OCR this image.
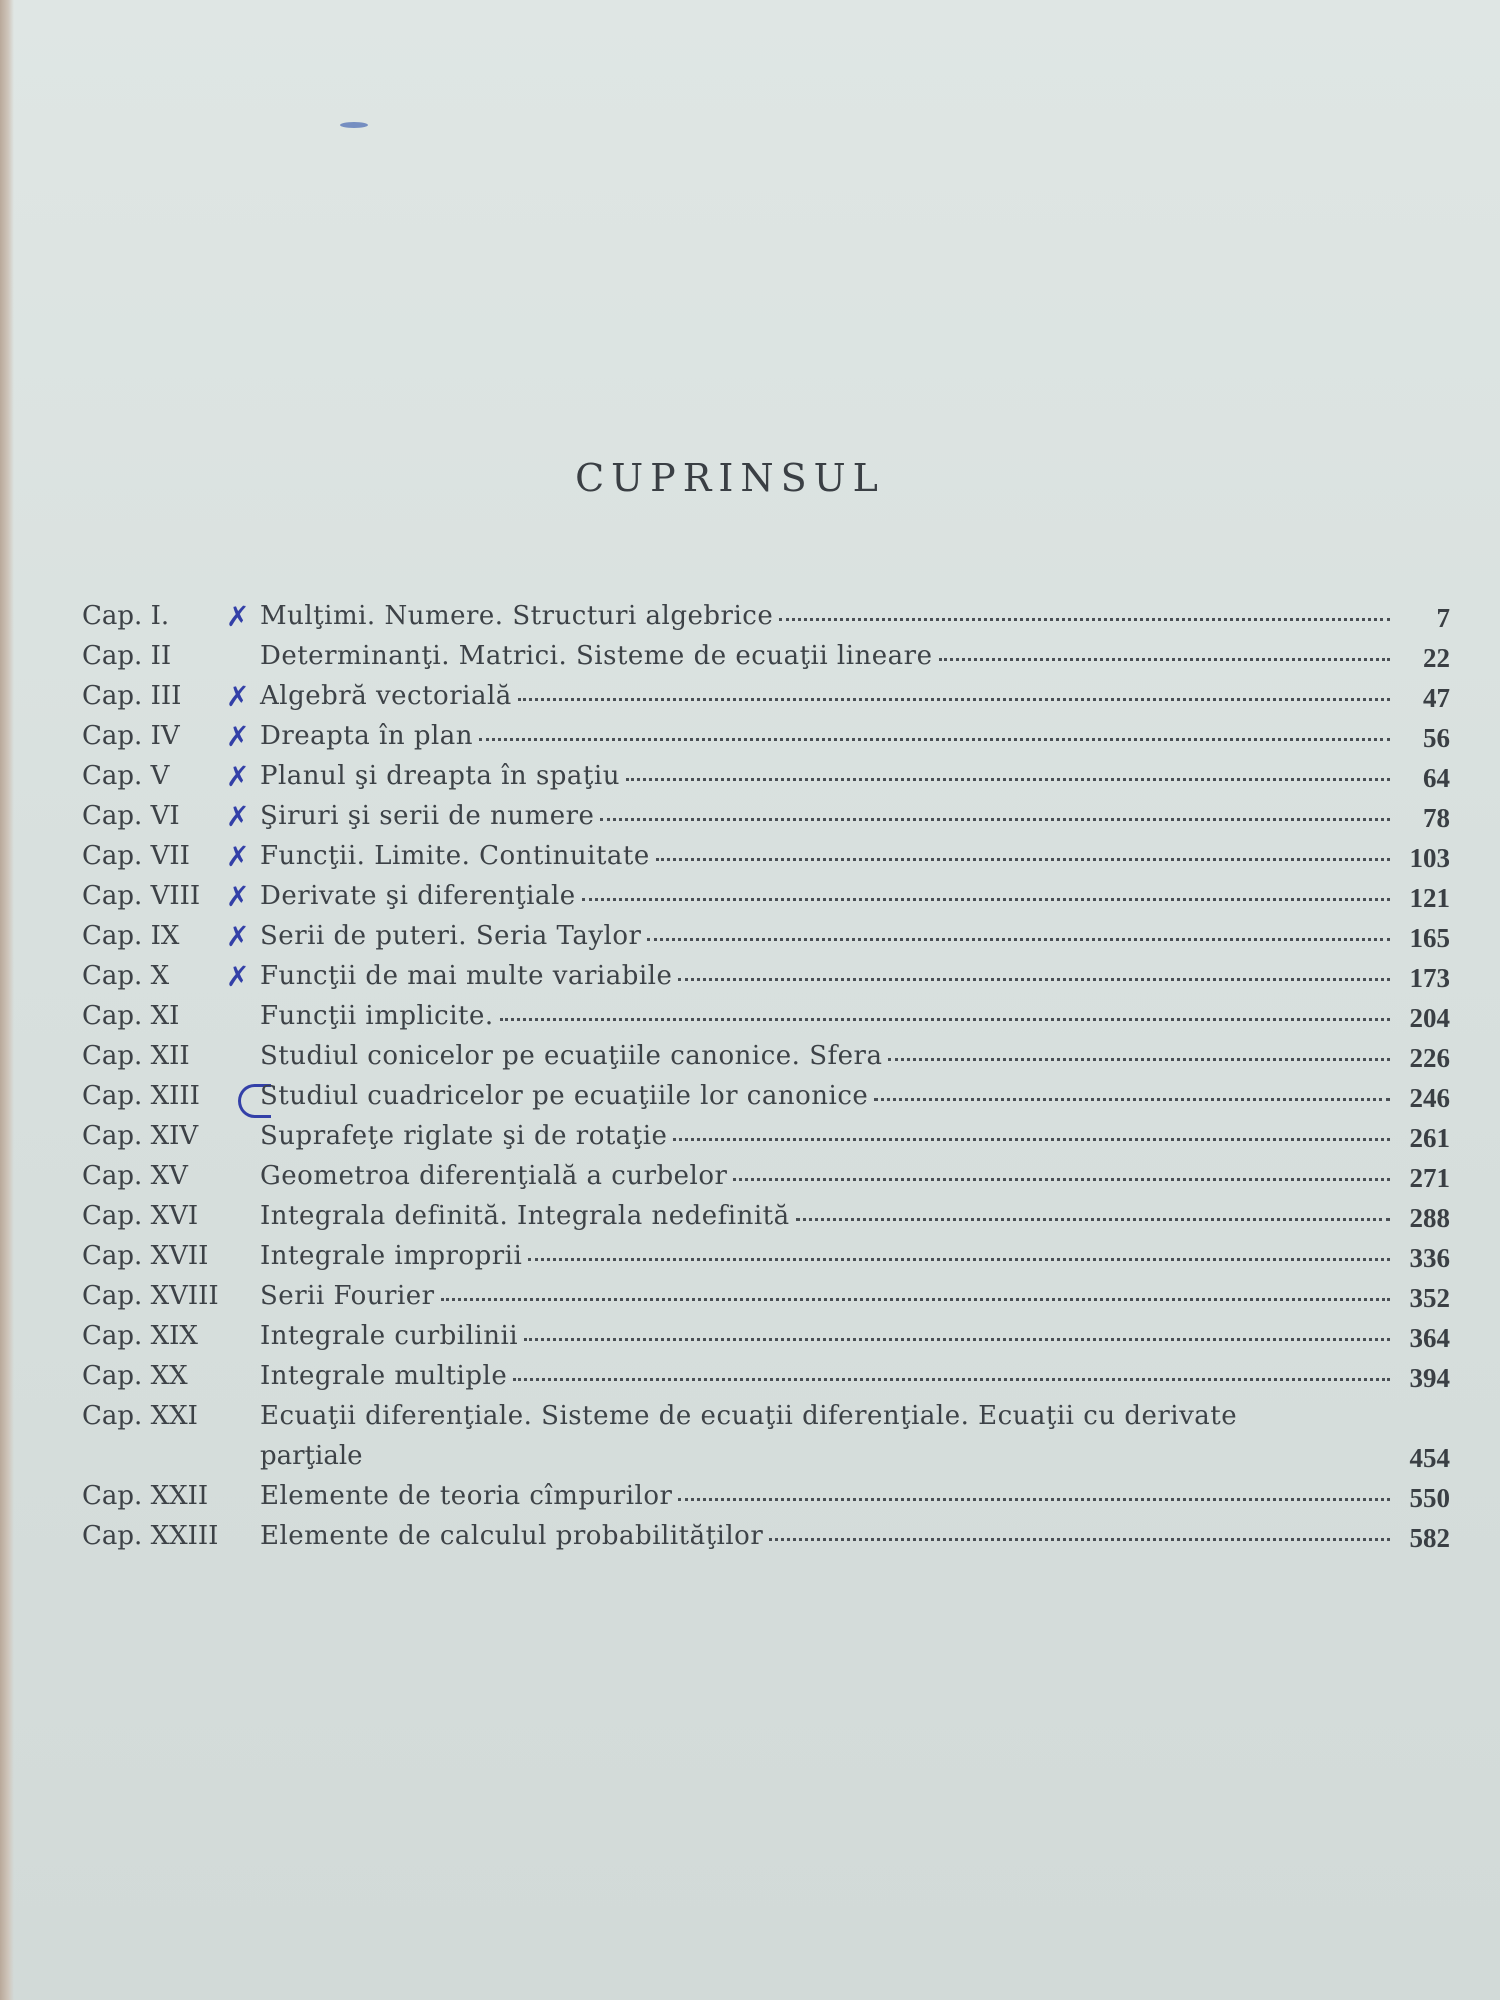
CUPRINSUL
Cap. I.	✗ Mulţimi. Numere. Structuri algebrice	7
Cap. II	Determinanţi. Matrici. Sisteme de ecuaţii lineare	22
Cap. III	✗ Algebră vectorială	47
Cap. IV	✗ Dreapta în plan	56
Cap. V	✗ Planul şi dreapta în spaţiu	64
Cap. VI	✗ Şiruri şi serii de numere	78
Cap. VII	✗ Funcţii. Limite. Continuitate	103
Cap. VIII ✗ Derivate şi diferenţiale	121
Cap. IX	✗ Serii de puteri. Seria Taylor	165
Cap. X	✗ Funcţii de mai multe variabile	173
Cap. XI	Funcţii implicite.	204
Cap. XII	Studiul conicelor pe ecuaţiile canonice. Sfera	226
Cap. XIII	Studiul cuadricelor pe ecuaţiile lor canonice	246
Cap. XIV	Suprafeţe riglate şi de rotaţie	261
Cap. XV	Geometroa diferenţială a curbelor	271
Cap. XVI	Integrala definită. Integrala nedefinită	288
Cap. XVII	Integrale improprii	336
Cap. XVIII	Serii Fourier	352
Cap. XIX	Integrale curbilinii	364
Cap. XX	Integrale multiple	394
Cap. XXI	Ecuaţii diferenţiale. Sisteme de ecuaţii diferenţiale. Ecuaţii cu derivate
parţiale	454
Cap. XXII	Elemente de teoria cîmpurilor	550
Cap. XXIII	Elemente de calculul probabilităţilor	582
